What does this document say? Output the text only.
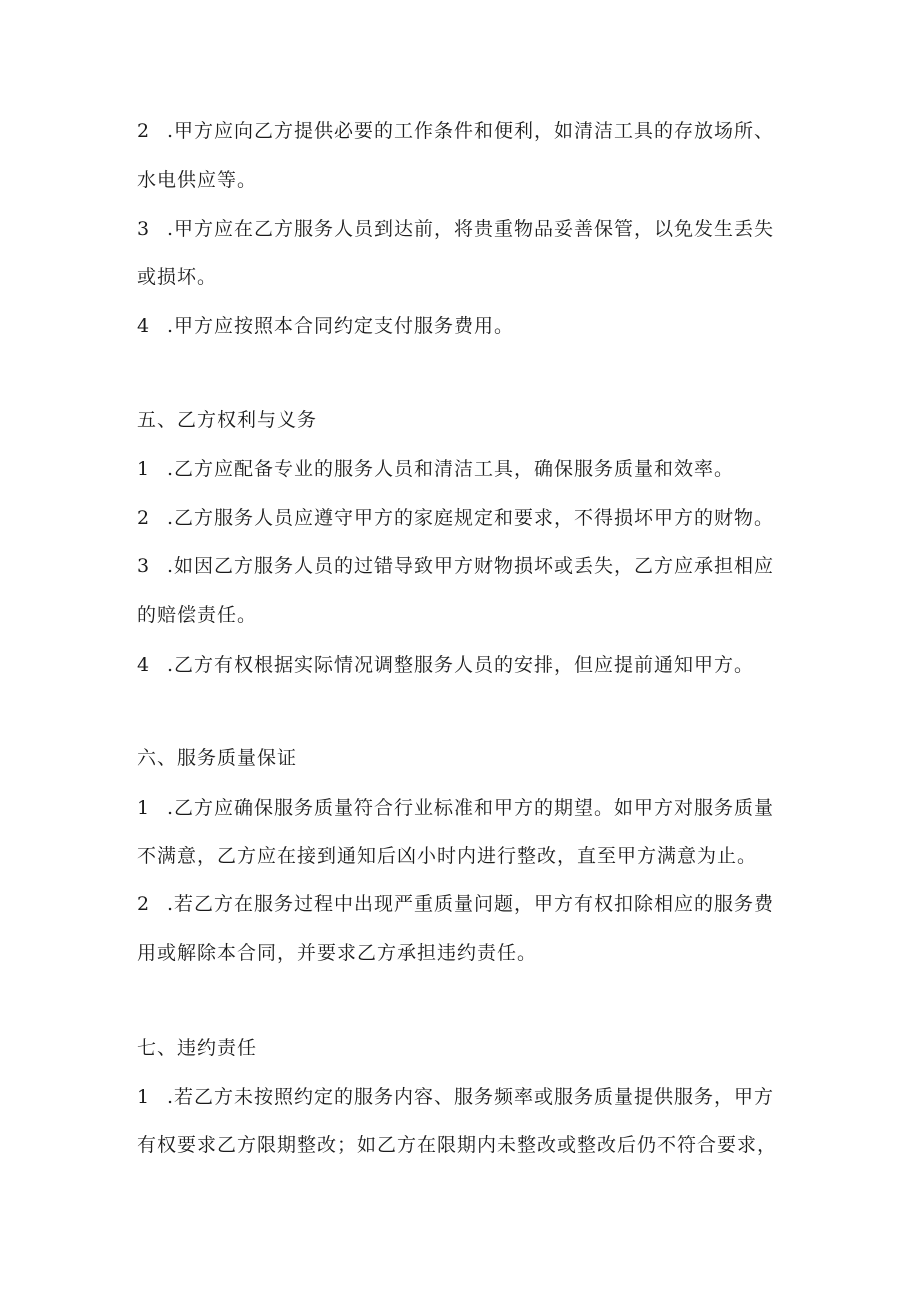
2 .甲方应向乙方提供必要的工作条件和便利，如清洁工具的存放场所、
水电供应等。
3 .甲方应在乙方服务人员到达前，将贵重物品妥善保管，以免发生丢失
或损坏。
4 .甲方应按照本合同约定支付服务费用。
五、乙方权利与义务
1 .乙方应配备专业的服务人员和清洁工具，确保服务质量和效率。
2 .乙方服务人员应遵守甲方的家庭规定和要求，不得损坏甲方的财物。
3 .如因乙方服务人员的过错导致甲方财物损坏或丢失，乙方应承担相应
的赔偿责任。
4 .乙方有权根据实际情况调整服务人员的安排，但应提前通知甲方。
六、服务质量保证
1 .乙方应确保服务质量符合行业标准和甲方的期望。如甲方对服务质量
不满意，乙方应在接到通知后凶小时内进行整改，直至甲方满意为止。
2 .若乙方在服务过程中出现严重质量问题，甲方有权扣除相应的服务费
用或解除本合同，并要求乙方承担违约责任。
七、违约责任
1 .若乙方未按照约定的服务内容、服务频率或服务质量提供服务，甲方
有权要求乙方限期整改；如乙方在限期内未整改或整改后仍不符合要求，
